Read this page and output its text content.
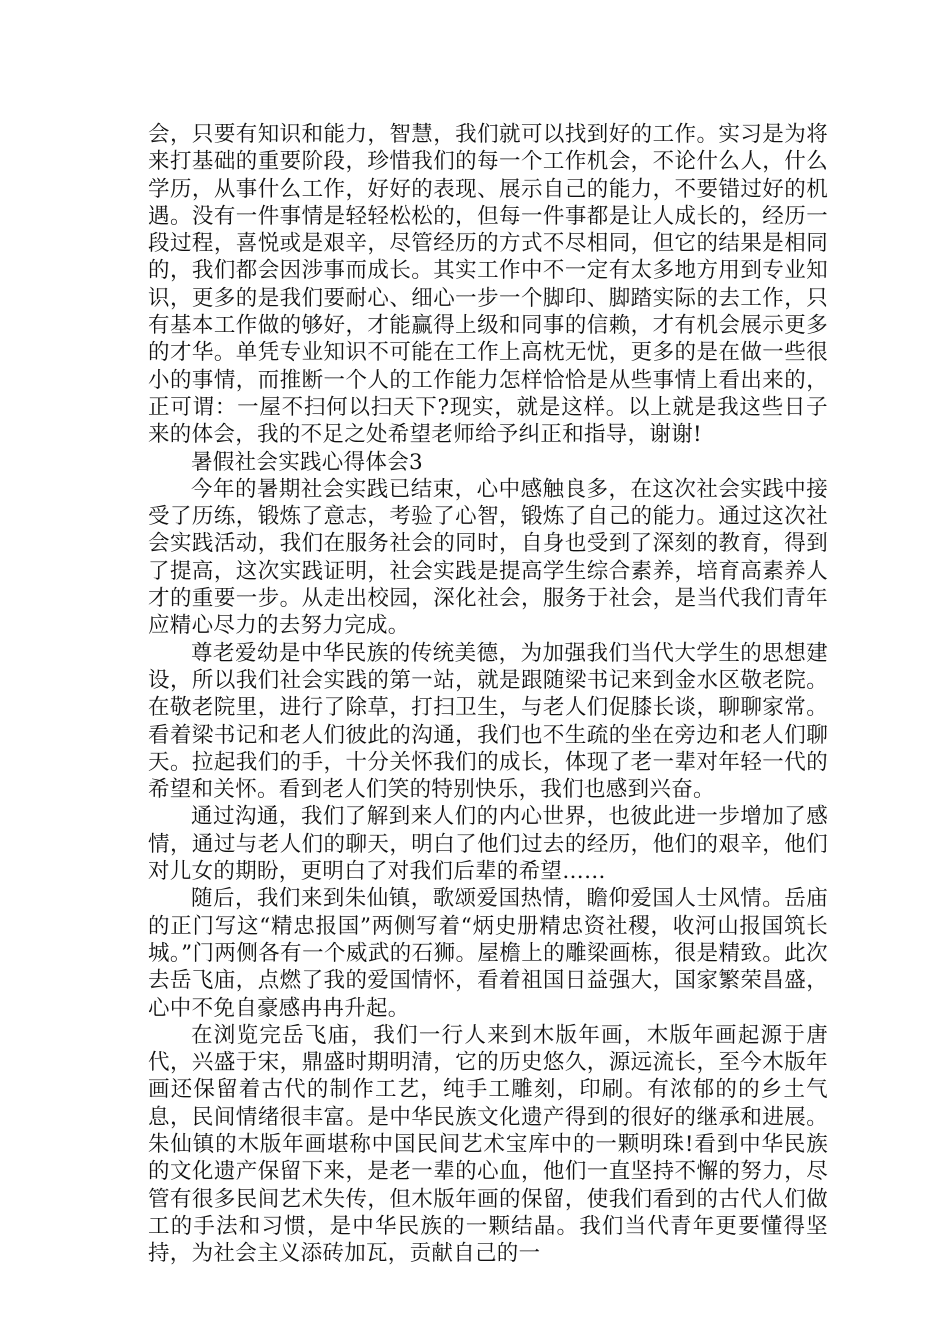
会，只要有知识和能力，智慧，我们就可以找到好的工作。实习是为将来打基础的重要阶段，珍惜我们的每一个工作机会，不论什么人，什么学历，从事什么工作，好好的表现、展示自己的能力，不要错过好的机遇。没有一件事情是轻轻松松的，但每一件事都是让人成长的，经历一段过程，喜悦或是艰辛，尽管经历的方式不尽相同，但它的结果是相同的，我们都会因涉事而成长。其实工作中不一定有太多地方用到专业知识，更多的是我们要耐心、细心一步一个脚印、脚踏实际的去工作，只有基本工作做的够好，才能赢得上级和同事的信赖，才有机会展示更多的才华。单凭专业知识不可能在工作上高枕无忧，更多的是在做一些很小的事情，而推断一个人的工作能力怎样恰恰是从些事情上看出来的，正可谓：一屋不扫何以扫天下?现实，就是这样。以上就是我这些日子来的体会，我的不足之处希望老师给予纠正和指导，谢谢!

暑假社会实践心得体会3

今年的暑期社会实践已结束，心中感触良多，在这次社会实践中接受了历练，锻炼了意志，考验了心智，锻炼了自己的能力。通过这次社会实践活动，我们在服务社会的同时，自身也受到了深刻的教育，得到了提高，这次实践证明，社会实践是提高学生综合素养，培育高素养人才的重要一步。从走出校园，深化社会，服务于社会，是当代我们青年应精心尽力的去努力完成。

尊老爱幼是中华民族的传统美德，为加强我们当代大学生的思想建设，所以我们社会实践的第一站，就是跟随梁书记来到金水区敬老院。在敬老院里，进行了除草，打扫卫生，与老人们促膝长谈，聊聊家常。看着梁书记和老人们彼此的沟通，我们也不生疏的坐在旁边和老人们聊天。拉起我们的手，十分关怀我们的成长，体现了老一辈对年轻一代的希望和关怀。看到老人们笑的特别快乐，我们也感到兴奋。

通过沟通，我们了解到来人们的内心世界，也彼此进一步增加了感情，通过与老人们的聊天，明白了他们过去的经历，他们的艰辛，他们对儿女的期盼，更明白了对我们后辈的希望……

随后，我们来到朱仙镇，歌颂爱国热情，瞻仰爱国人士风情。岳庙的正门写这“精忠报国”两侧写着“炳史册精忠资社稷，收河山报国筑长城。”门两侧各有一个威武的石狮。屋檐上的雕梁画栋，很是精致。此次去岳飞庙，点燃了我的爱国情怀，看着祖国日益强大，国家繁荣昌盛，心中不免自豪感冉冉升起。

在浏览完岳飞庙，我们一行人来到木版年画，木版年画起源于唐代，兴盛于宋，鼎盛时期明清，它的历史悠久，源远流长，至今木版年画还保留着古代的制作工艺，纯手工雕刻，印刷。有浓郁的的乡土气息，民间情绪很丰富。是中华民族文化遗产得到的很好的继承和进展。朱仙镇的木版年画堪称中国民间艺术宝库中的一颗明珠!看到中华民族的文化遗产保留下来，是老一辈的心血，他们一直坚持不懈的努力，尽管有很多民间艺术失传，但木版年画的保留，使我们看到的古代人们做工的手法和习惯，是中华民族的一颗结晶。我们当代青年更要懂得坚持，为社会主义添砖加瓦，贡献自己的一
